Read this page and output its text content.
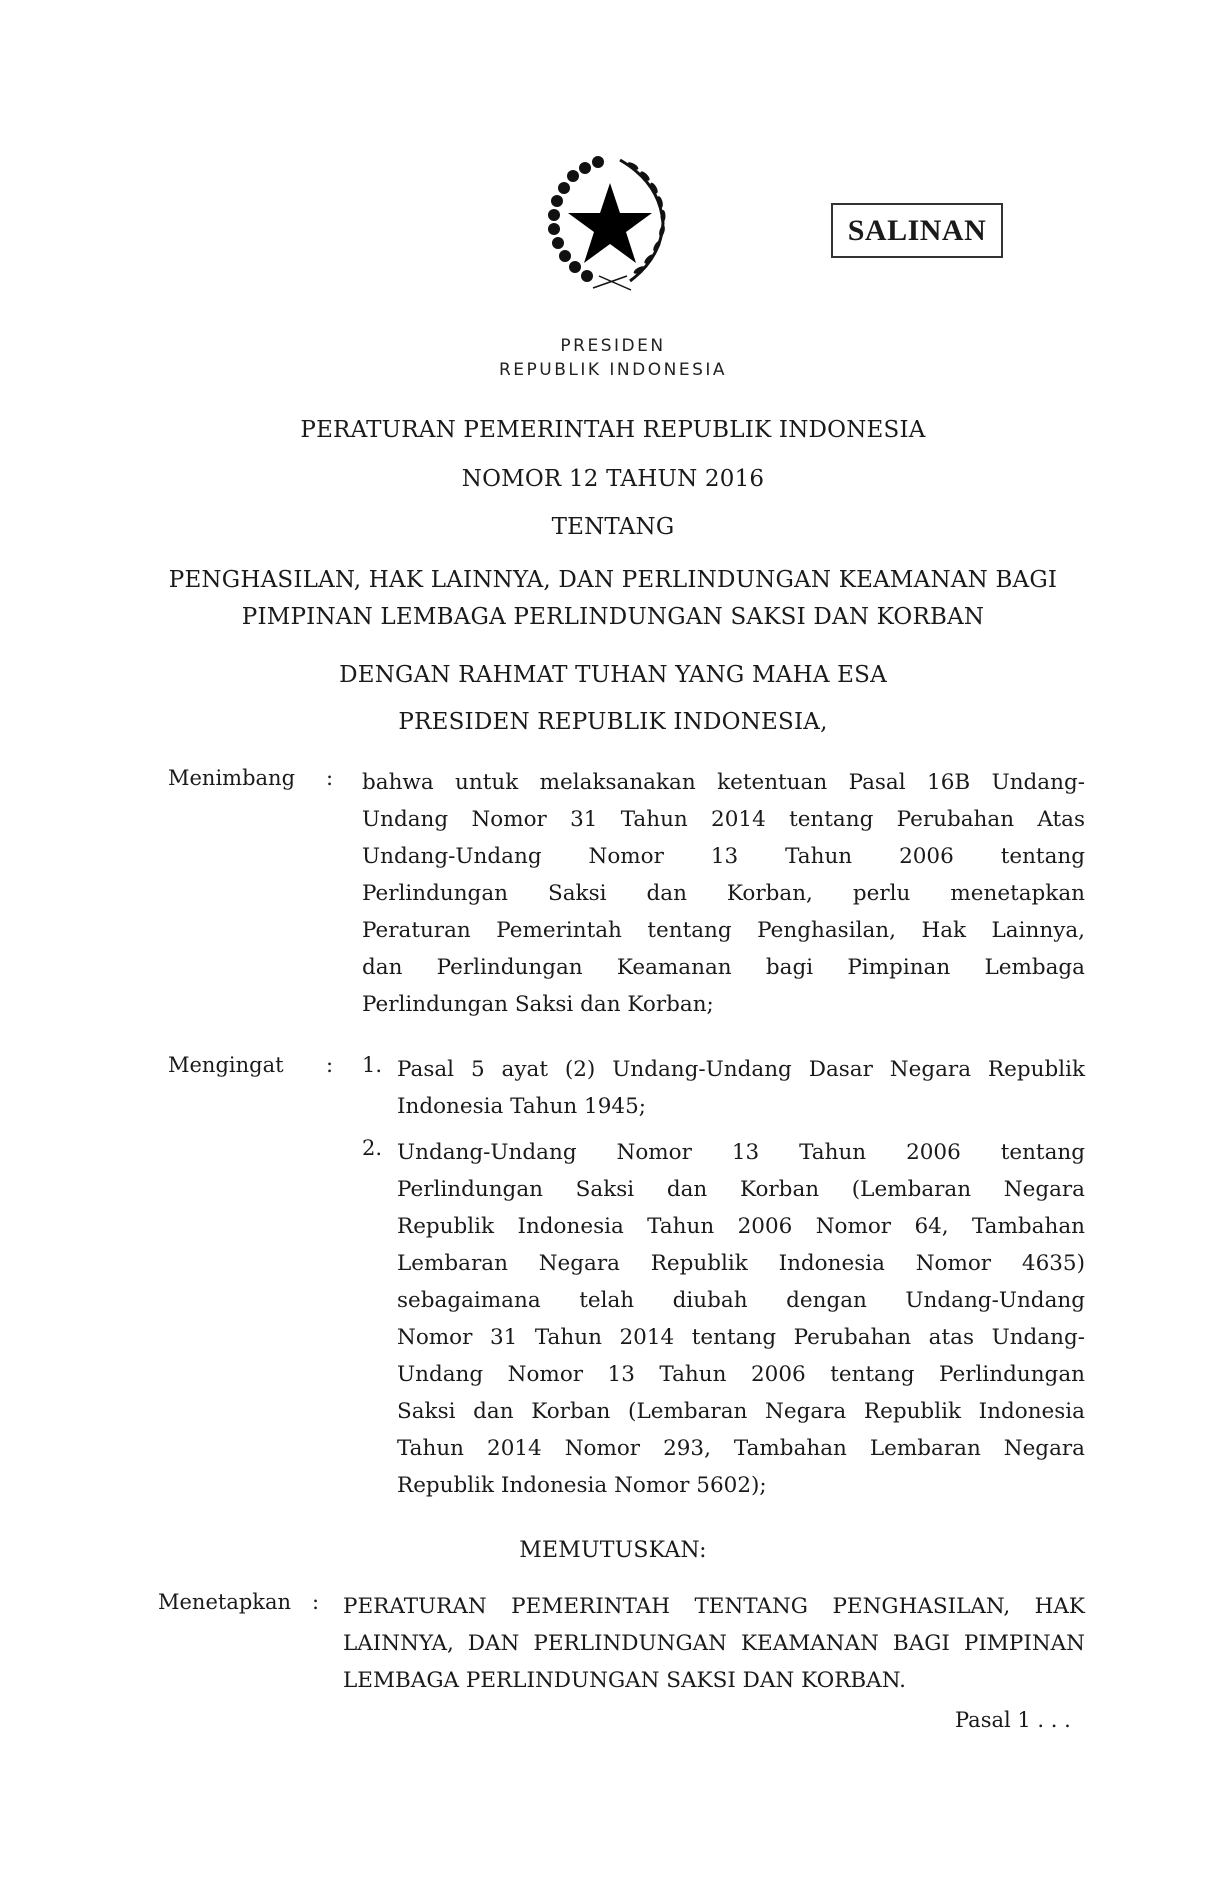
SALINAN
PRESIDEN
REPUBLIK INDONESIA
PERATURAN PEMERINTAH REPUBLIK INDONESIA
NOMOR 12 TAHUN 2016
TENTANG
PENGHASILAN, HAK LAINNYA, DAN PERLINDUNGAN KEAMANAN BAGI
PIMPINAN LEMBAGA PERLINDUNGAN SAKSI DAN KORBAN
DENGAN RAHMAT TUHAN YANG MAHA ESA
PRESIDEN REPUBLIK INDONESIA,
Menimbang : bahwa untuk melaksanakan ketentuan Pasal 16B Undang-
Undang Nomor 31 Tahun 2014 tentang Perubahan Atas
Undang-Undang Nomor 13 Tahun 2006 tentang
Perlindungan Saksi dan Korban, perlu menetapkan
Peraturan Pemerintah tentang Penghasilan, Hak Lainnya,
dan Perlindungan Keamanan bagi Pimpinan Lembaga
Perlindungan Saksi dan Korban;
Mengingat : 1. Pasal 5 ayat (2) Undang-Undang Dasar Negara Republik
Indonesia Tahun 1945;
2. Undang-Undang Nomor 13 Tahun 2006 tentang
Perlindungan Saksi dan Korban (Lembaran Negara
Republik Indonesia Tahun 2006 Nomor 64, Tambahan
Lembaran Negara Republik Indonesia Nomor 4635)
sebagaimana telah diubah dengan Undang-Undang
Nomor 31 Tahun 2014 tentang Perubahan atas Undang-
Undang Nomor 13 Tahun 2006 tentang Perlindungan
Saksi dan Korban (Lembaran Negara Republik Indonesia
Tahun 2014 Nomor 293, Tambahan Lembaran Negara
Republik Indonesia Nomor 5602);
MEMUTUSKAN:
Menetapkan : PERATURAN PEMERINTAH TENTANG PENGHASILAN, HAK
LAINNYA, DAN PERLINDUNGAN KEAMANAN BAGI PIMPINAN
LEMBAGA PERLINDUNGAN SAKSI DAN KORBAN.
Pasal 1 . . .
